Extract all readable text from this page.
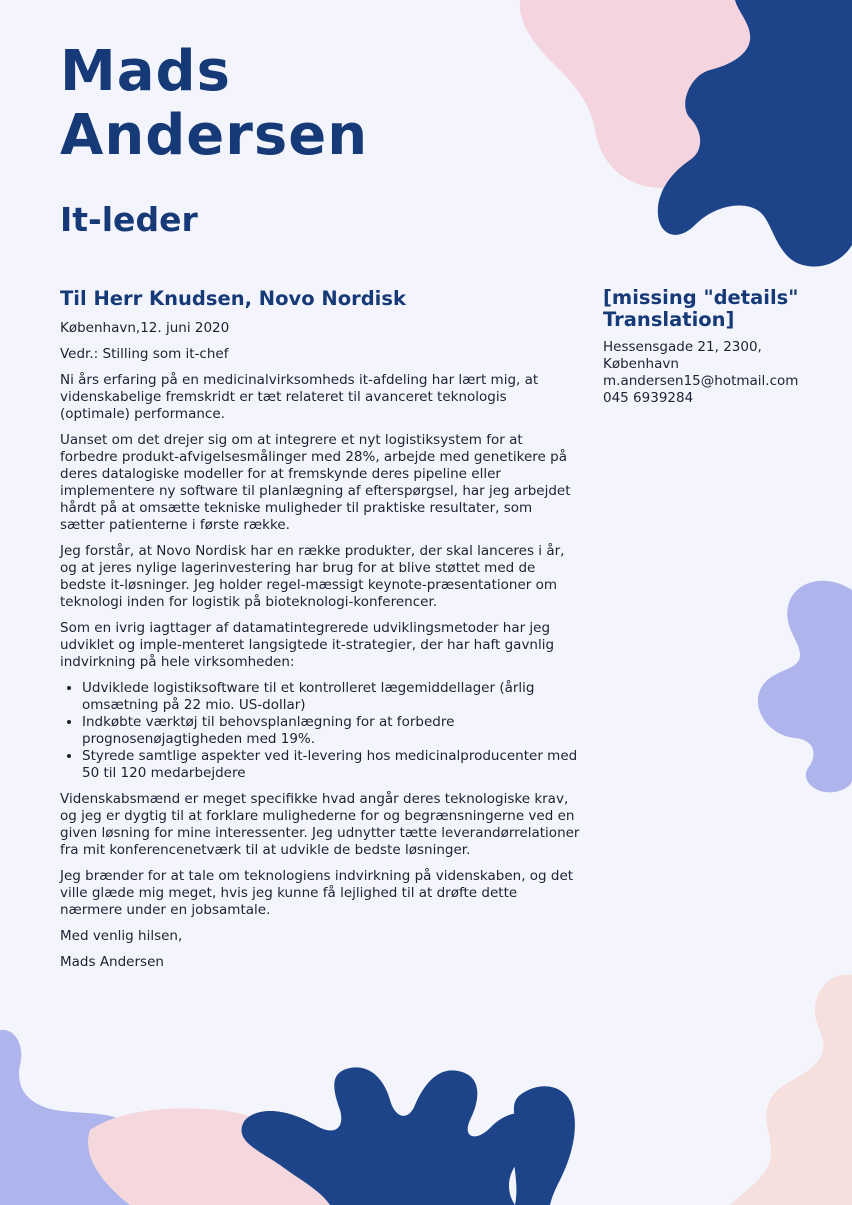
Mads
Andersen
It-leder
Til Herr Knudsen, Novo Nordisk

København,12. juni 2020

Vedr.: Stilling som it-chef

Ni års erfaring på en medicinalvirksomheds it-afdeling har lært mig, at videnskabelige fremskridt er tæt relateret til avanceret teknologis (optimale) performance.

Uanset om det drejer sig om at integrere et nyt logistiksystem for at forbedre produkt-afvigelsesmålinger med 28%, arbejde med genetikere på deres datalogiske modeller for at fremskynde deres pipeline eller implementere ny software til planlægning af efterspørgsel, har jeg arbejdet hårdt på at omsætte tekniske muligheder til praktiske resultater, som sætter patienterne i første række.

Jeg forstår, at Novo Nordisk har en række produkter, der skal lanceres i år, og at jeres nylige lagerinvestering har brug for at blive støttet med de bedste it-løsninger. Jeg holder regel-mæssigt keynote-præsentationer om teknologi inden for logistik på bioteknologi-konferencer.

Som en ivrig iagttager af datamatintegrerede udviklingsmetoder har jeg udviklet og imple-menteret langsigtede it-strategier, der har haft gavnlig indvirkning på hele virksomheden:

• Udviklede logistiksoftware til et kontrolleret lægemiddellager (årlig omsætning på 22 mio. US-dollar)
• Indkøbte værktøj til behovsplanlægning for at forbedre prognosenøjagtigheden med 19%.
• Styrede samtlige aspekter ved it-levering hos medicinalproducenter med 50 til 120 medarbejdere

Videnskabsmænd er meget specifikke hvad angår deres teknologiske krav, og jeg er dygtig til at forklare mulighederne for og begrænsningerne ved en given løsning for mine interessenter. Jeg udnytter tætte leverandørrelationer fra mit konferencenetværk til at udvikle de bedste løsninger.

Jeg brænder for at tale om teknologiens indvirkning på videnskaben, og det ville glæde mig meget, hvis jeg kunne få lejlighed til at drøfte dette nærmere under en jobsamtale.

Med venlig hilsen,

Mads Andersen

[missing "details" Translation]
Hessensgade 21, 2300, København
m.andersen15@hotmail.com
045 6939284
